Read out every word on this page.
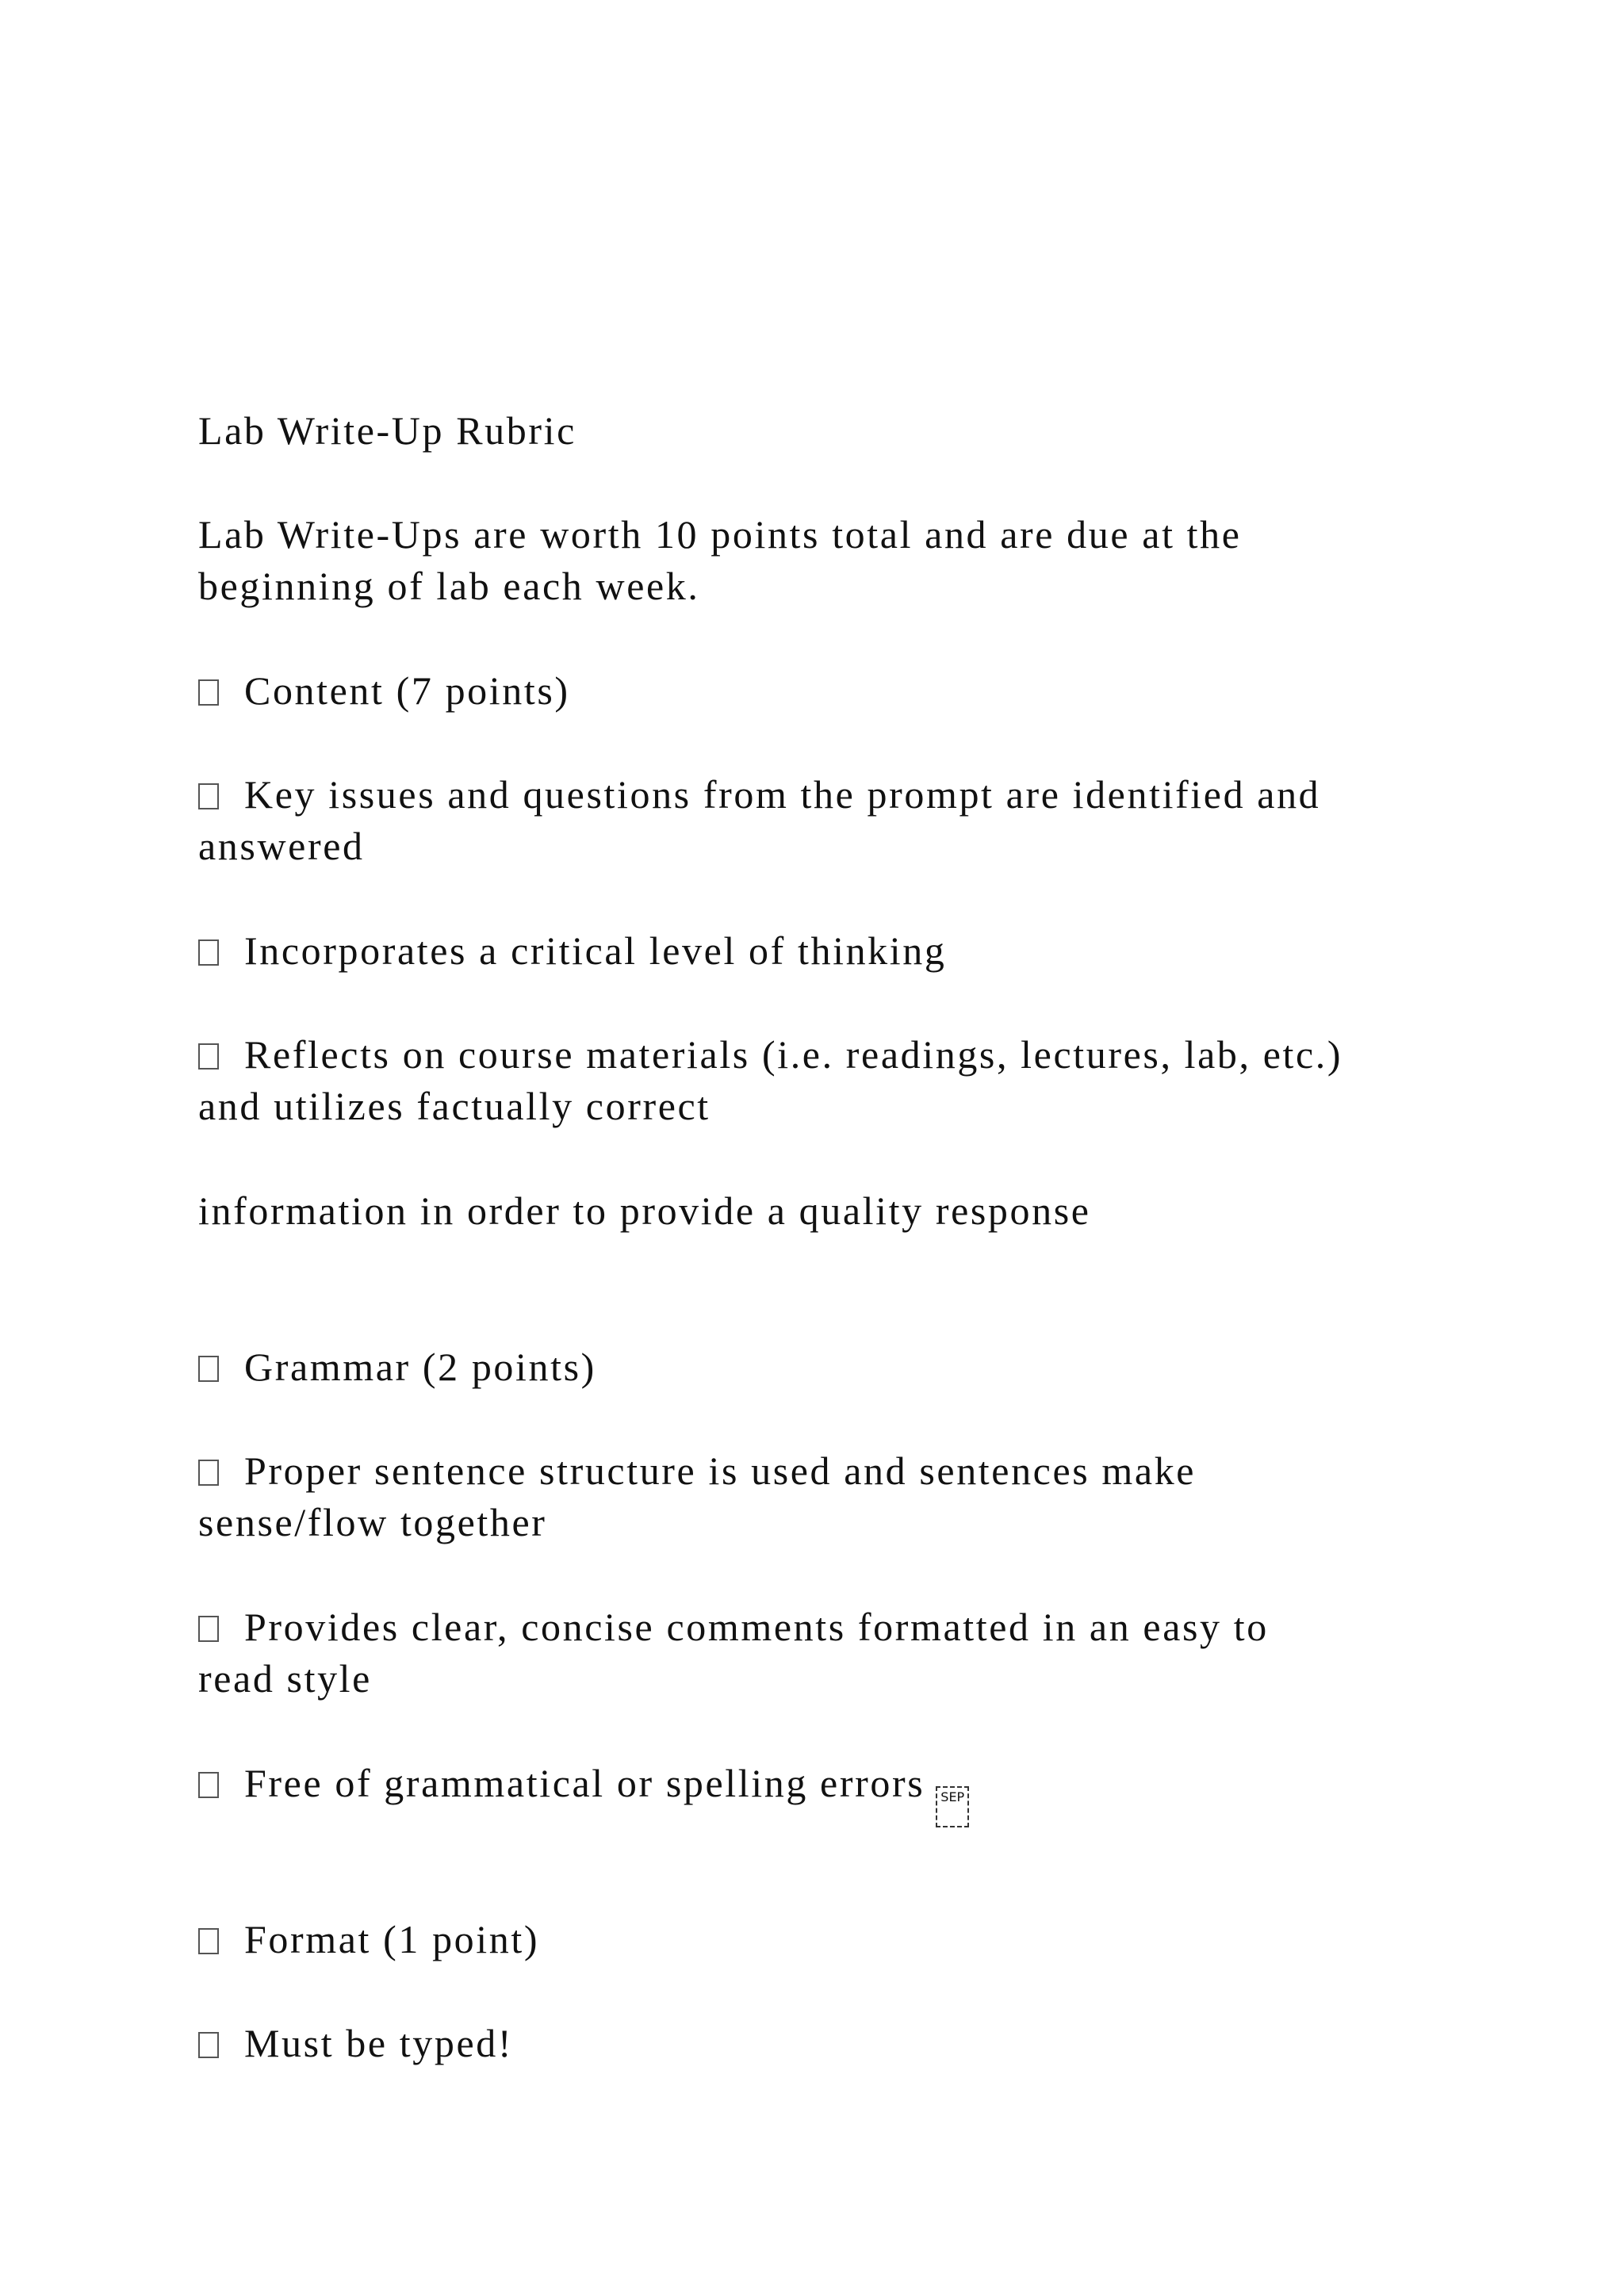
Lab Write-Up Rubric
Lab Write-Ups are worth 10 points total and are due at the
beginning of lab each week.
Content (7 points)
Key issues and questions from the prompt are identified and
answered
Incorporates a critical level of thinking
Reflects on course materials (i.e. readings, lectures, lab, etc.)
and utilizes factually correct
information in order to provide a quality response
Grammar (2 points)
Proper sentence structure is used and sentences make
sense/flow together
Provides clear, concise comments formatted in an easy to
read style
Free of grammatical or spelling errors SEP
Format (1 point)
Must be typed!
